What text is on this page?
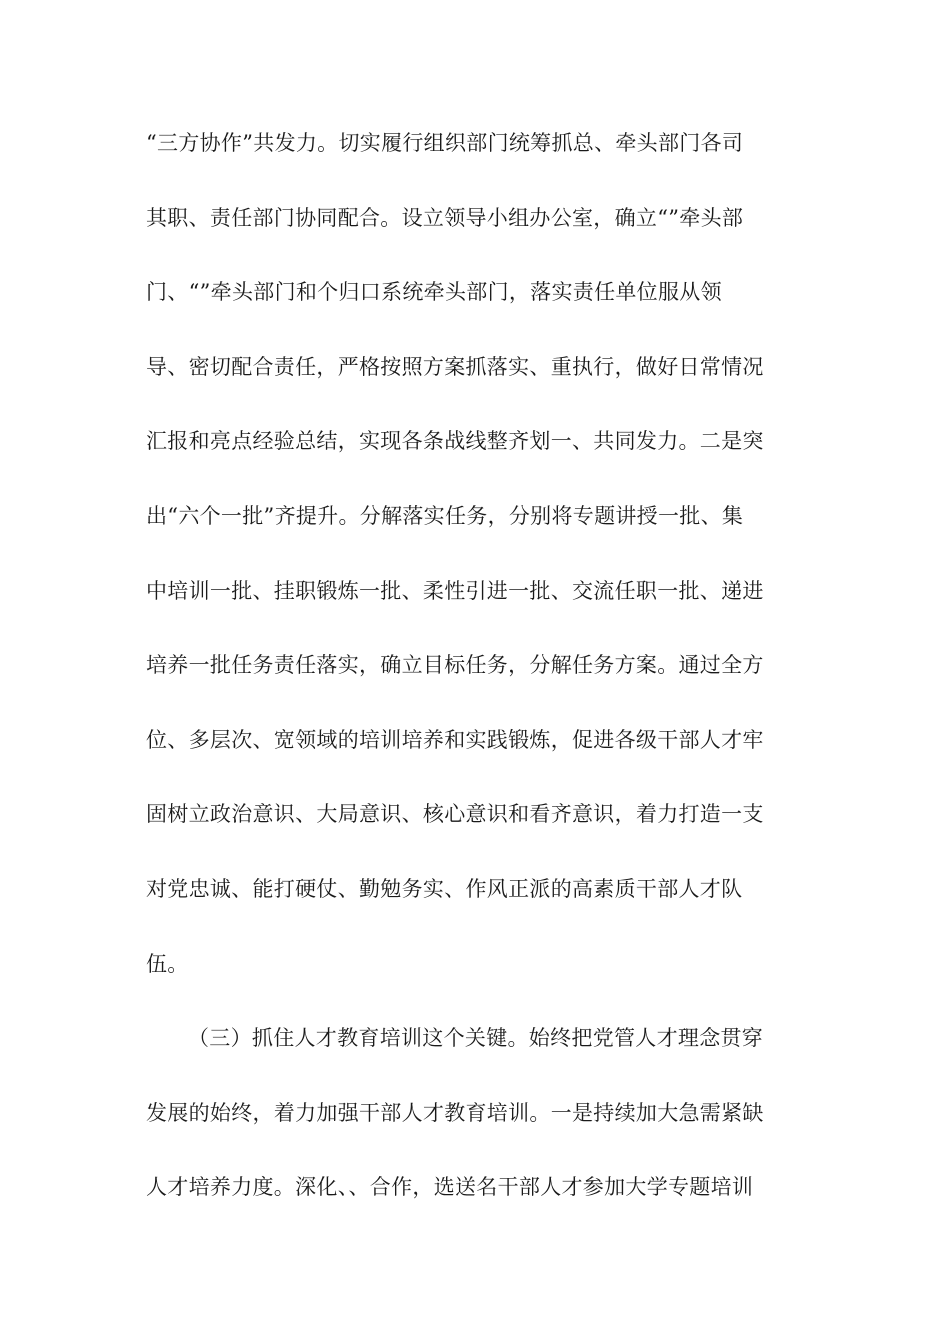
“三方协作”共发力。切实履行组织部门统筹抓总、牵头部门各司
其职、责任部门协同配合。设立领导小组办公室，确立“”牵头部
门、“”牵头部门和个归口系统牵头部门，落实责任单位服从领
导、密切配合责任，严格按照方案抓落实、重执行，做好日常情况
汇报和亮点经验总结，实现各条战线整齐划一、共同发力。二是突
出“六个一批”齐提升。分解落实任务，分别将专题讲授一批、集
中培训一批、挂职锻炼一批、柔性引进一批、交流任职一批、递进
培养一批任务责任落实，确立目标任务，分解任务方案。通过全方
位、多层次、宽领域的培训培养和实践锻炼，促进各级干部人才牢
固树立政治意识、大局意识、核心意识和看齐意识，着力打造一支
对党忠诚、能打硬仗、勤勉务实、作风正派的高素质干部人才队
伍。
（三）抓住人才教育培训这个关键。始终把党管人才理念贯穿
发展的始终，着力加强干部人才教育培训。一是持续加大急需紧缺
人才培养力度。深化、、合作，选送名干部人才参加大学专题培训
